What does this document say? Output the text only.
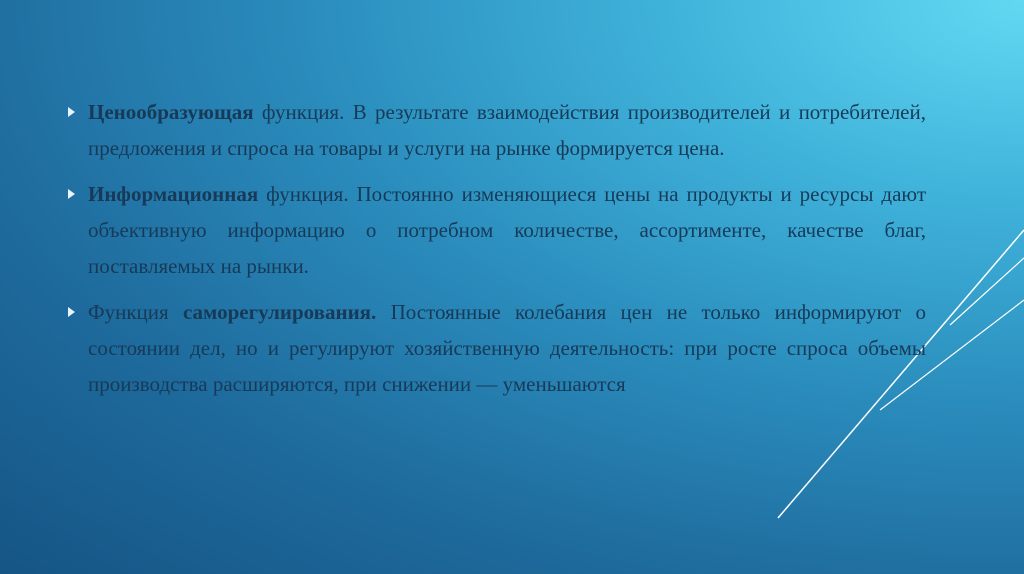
Ценообразующая функция. В результате взаимодействия производителей и потребителей, предложения и спроса на товары и услуги на рынке формируется цена.
Информационная функция. Постоянно изменяющиеся цены на продукты и ресурсы дают объективную информацию о потребном количестве, ассортименте, качестве благ, поставляемых на рынки.
Функция саморегулирования. Постоянные колебания цен не только информируют о состоянии дел, но и регулируют хозяйственную деятельность: при росте спроса объемы производства расширяются, при снижении — уменьшаются
